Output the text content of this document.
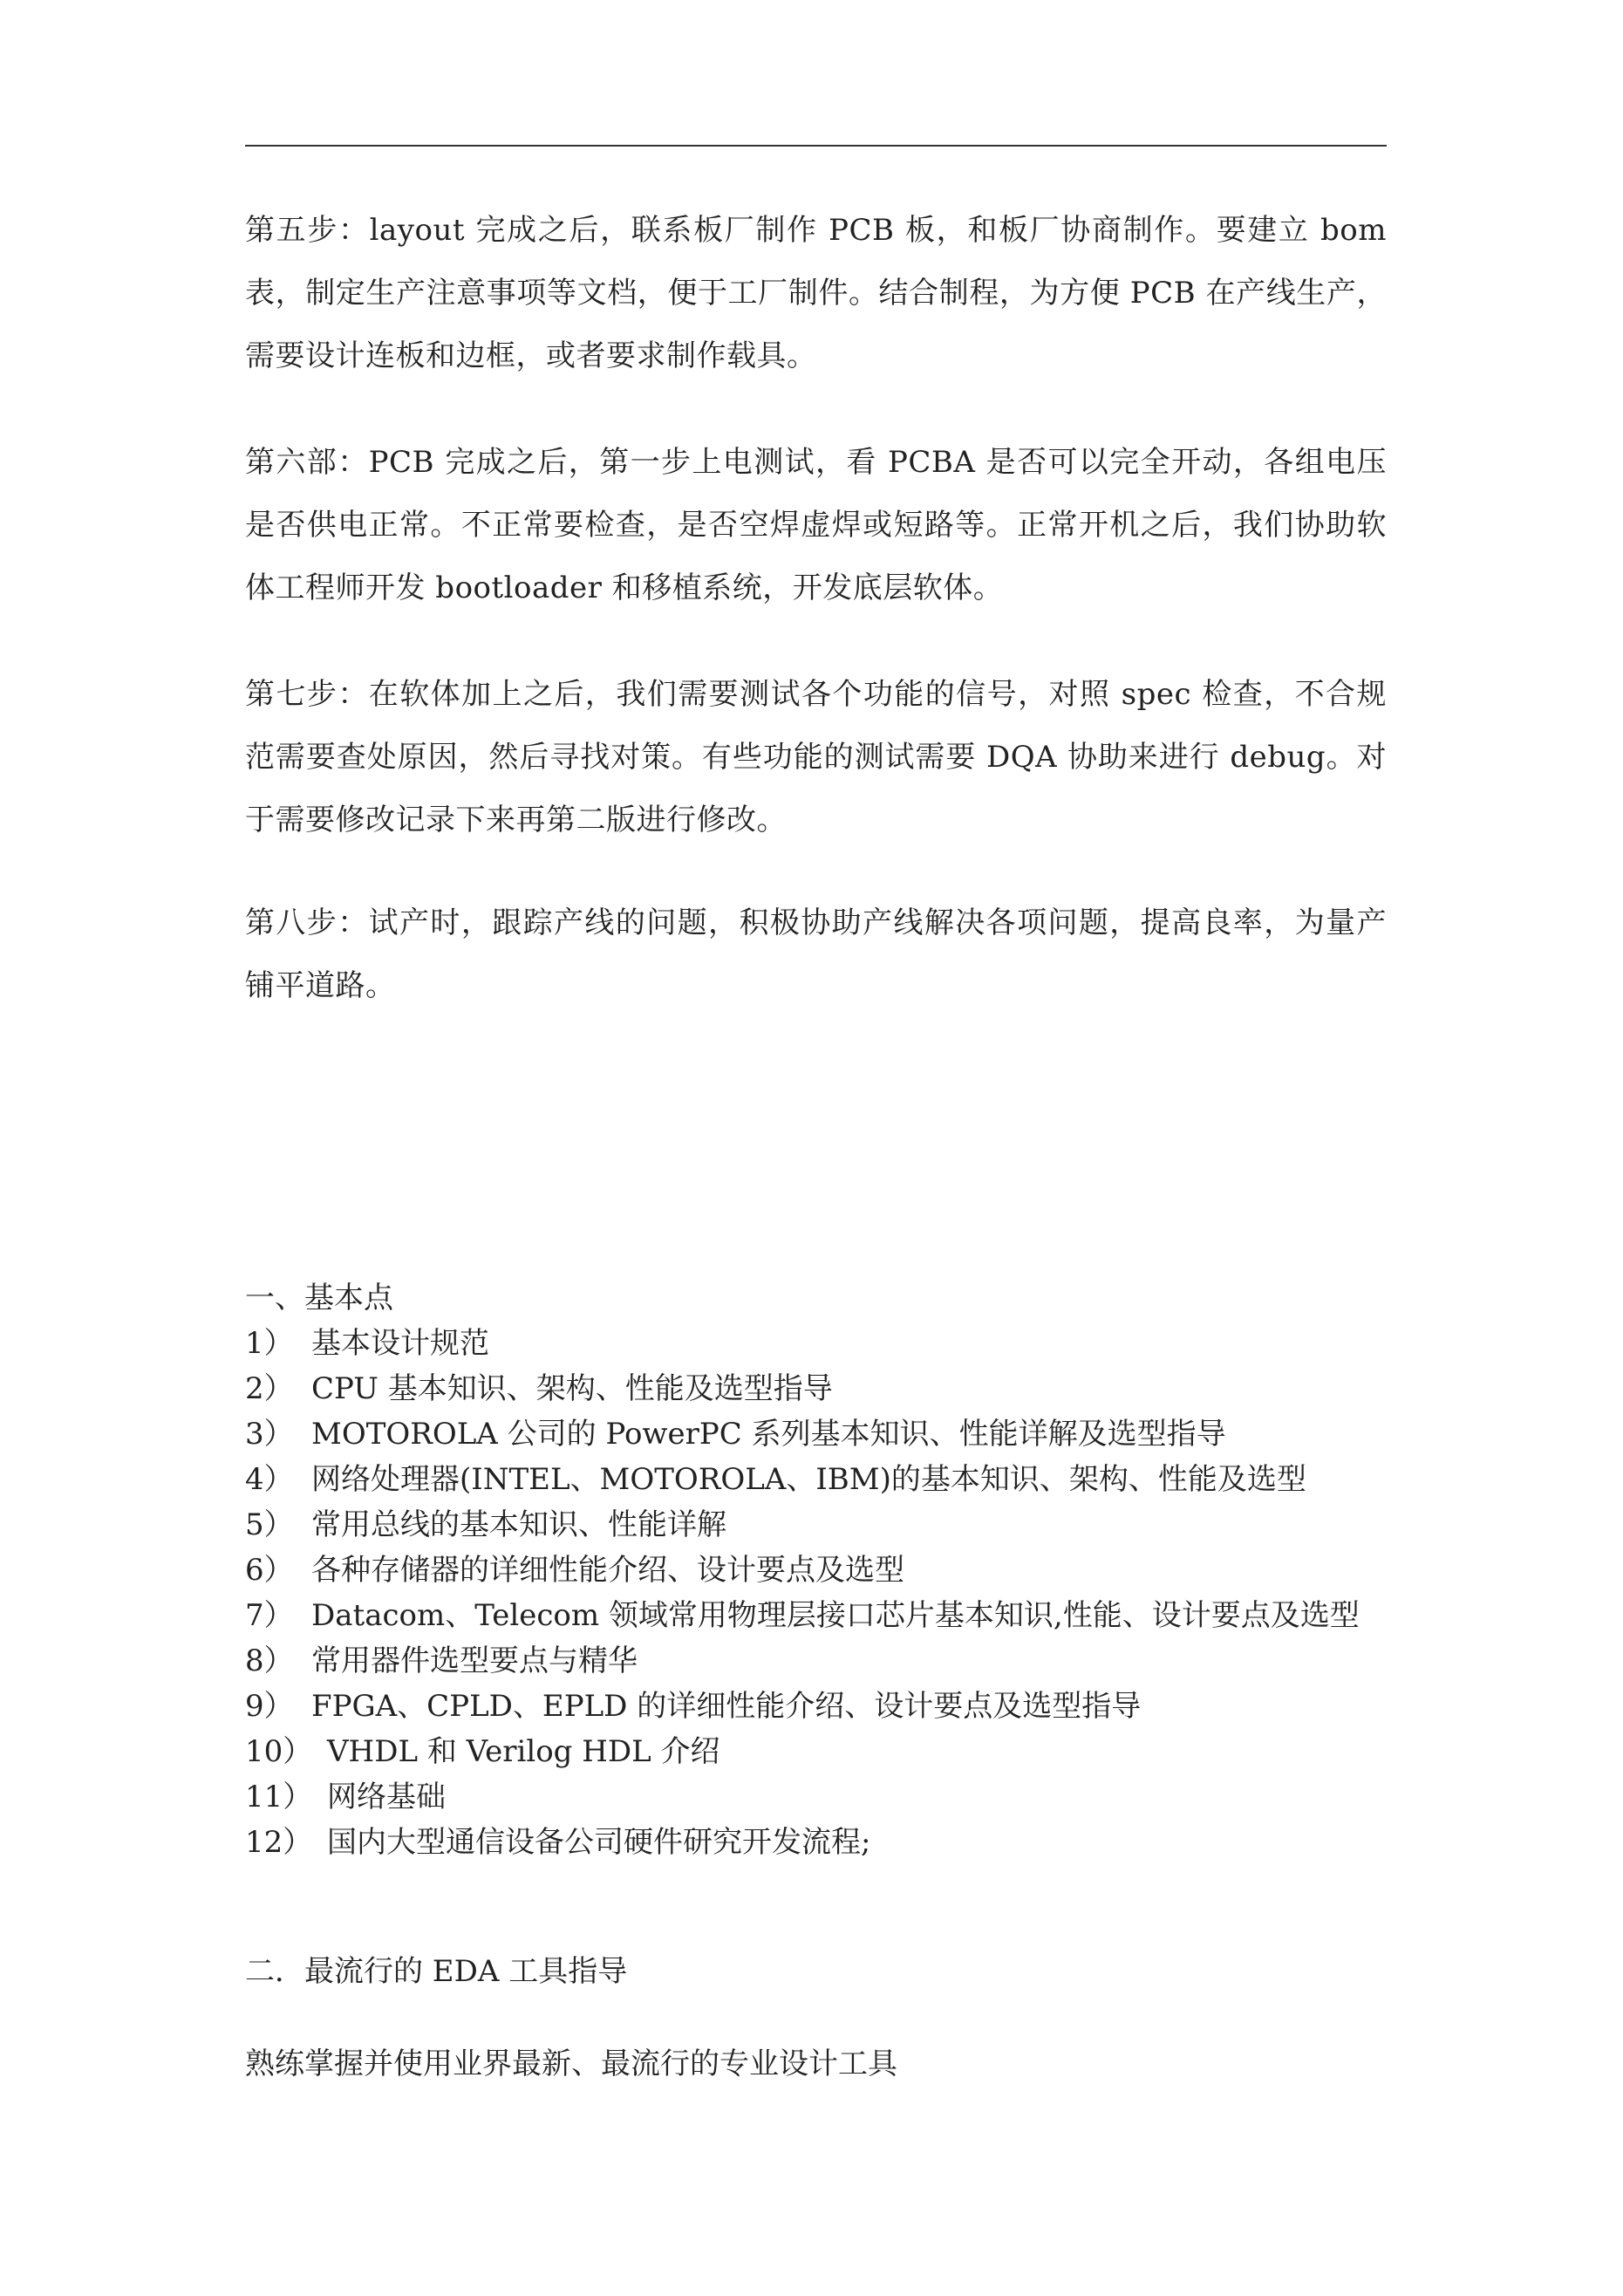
第五步：layout 完成之后，联系板厂制作 PCB 板，和板厂协商制作。要建立 bom 表，制定生产注意事项等文档，便于工厂制件。结合制程，为方便 PCB 在产线生产，需要设计连板和边框，或者要求制作载具。

第六部：PCB 完成之后，第一步上电测试，看 PCBA 是否可以完全开动，各组电压是否供电正常。不正常要检查，是否空焊虚焊或短路等。正常开机之后，我们协助软体工程师开发 bootloader 和移植系统，开发底层软体。

第七步：在软体加上之后，我们需要测试各个功能的信号，对照 spec 检查，不合规范需要查处原因，然后寻找对策。有些功能的测试需要 DQA 协助来进行 debug。对于需要修改记录下来再第二版进行修改。

第八步：试产时，跟踪产线的问题，积极协助产线解决各项问题，提高良率，为量产铺平道路。

一、基本点
1） 基本设计规范
2） CPU 基本知识、架构、性能及选型指导
3） MOTOROLA 公司的 PowerPC 系列基本知识、性能详解及选型指导
4） 网络处理器(INTEL、MOTOROLA、IBM)的基本知识、架构、性能及选型
5） 常用总线的基本知识、性能详解
6） 各种存储器的详细性能介绍、设计要点及选型
7） Datacom、Telecom 领域常用物理层接口芯片基本知识,性能、设计要点及选型
8） 常用器件选型要点与精华
9） FPGA、CPLD、EPLD 的详细性能介绍、设计要点及选型指导
10） VHDL 和 Verilog HDL 介绍
11） 网络基础
12） 国内大型通信设备公司硬件研究开发流程;

二．最流行的 EDA 工具指导

熟练掌握并使用业界最新、最流行的专业设计工具
